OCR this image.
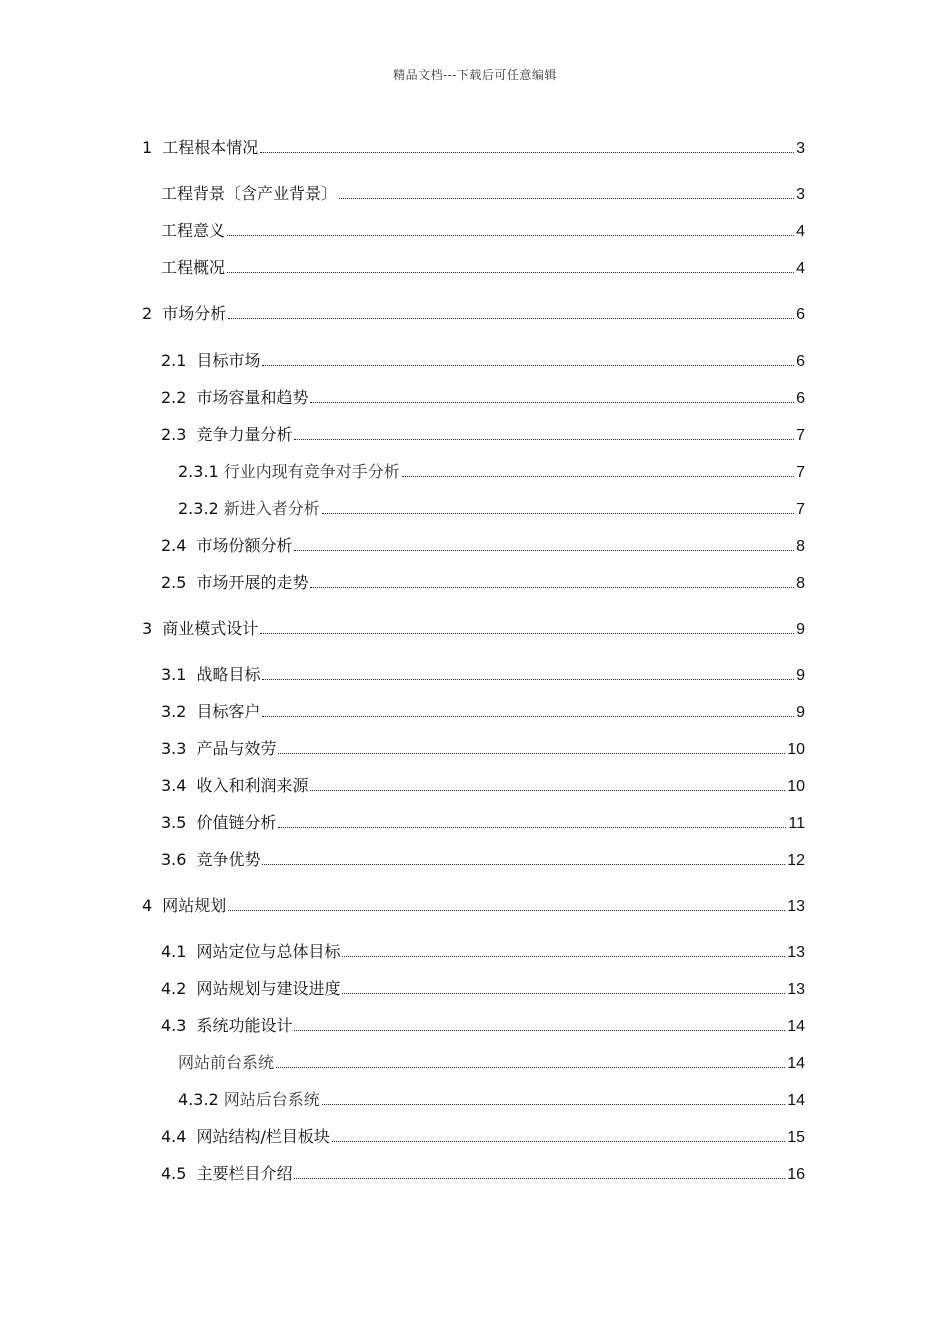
精品文档---下载后可任意编辑
1 工程根本情况	3
工程背景〔含产业背景〕	3
工程意义	4
工程概况	4
2 市场分析	6
2.1 目标市场	6
2.2 市场容量和趋势	6
2.3 竞争力量分析	7
2.3.1 行业内现有竞争对手分析	7
2.3.2 新进入者分析	7
2.4 市场份额分析	8
2.5 市场开展的走势	8
3 商业模式设计	9
3.1 战略目标	9
3.2 目标客户	9
3.3 产品与效劳	10
3.4 收入和利润来源	10
3.5 价值链分析	11
3.6 竞争优势	12
4 网站规划	13
4.1 网站定位与总体目标	13
4.2 网站规划与建设进度	13
4.3 系统功能设计	14
网站前台系统	14
4.3.2 网站后台系统	14
4.4 网站结构/栏目板块	15
4.5 主要栏目介绍	16
